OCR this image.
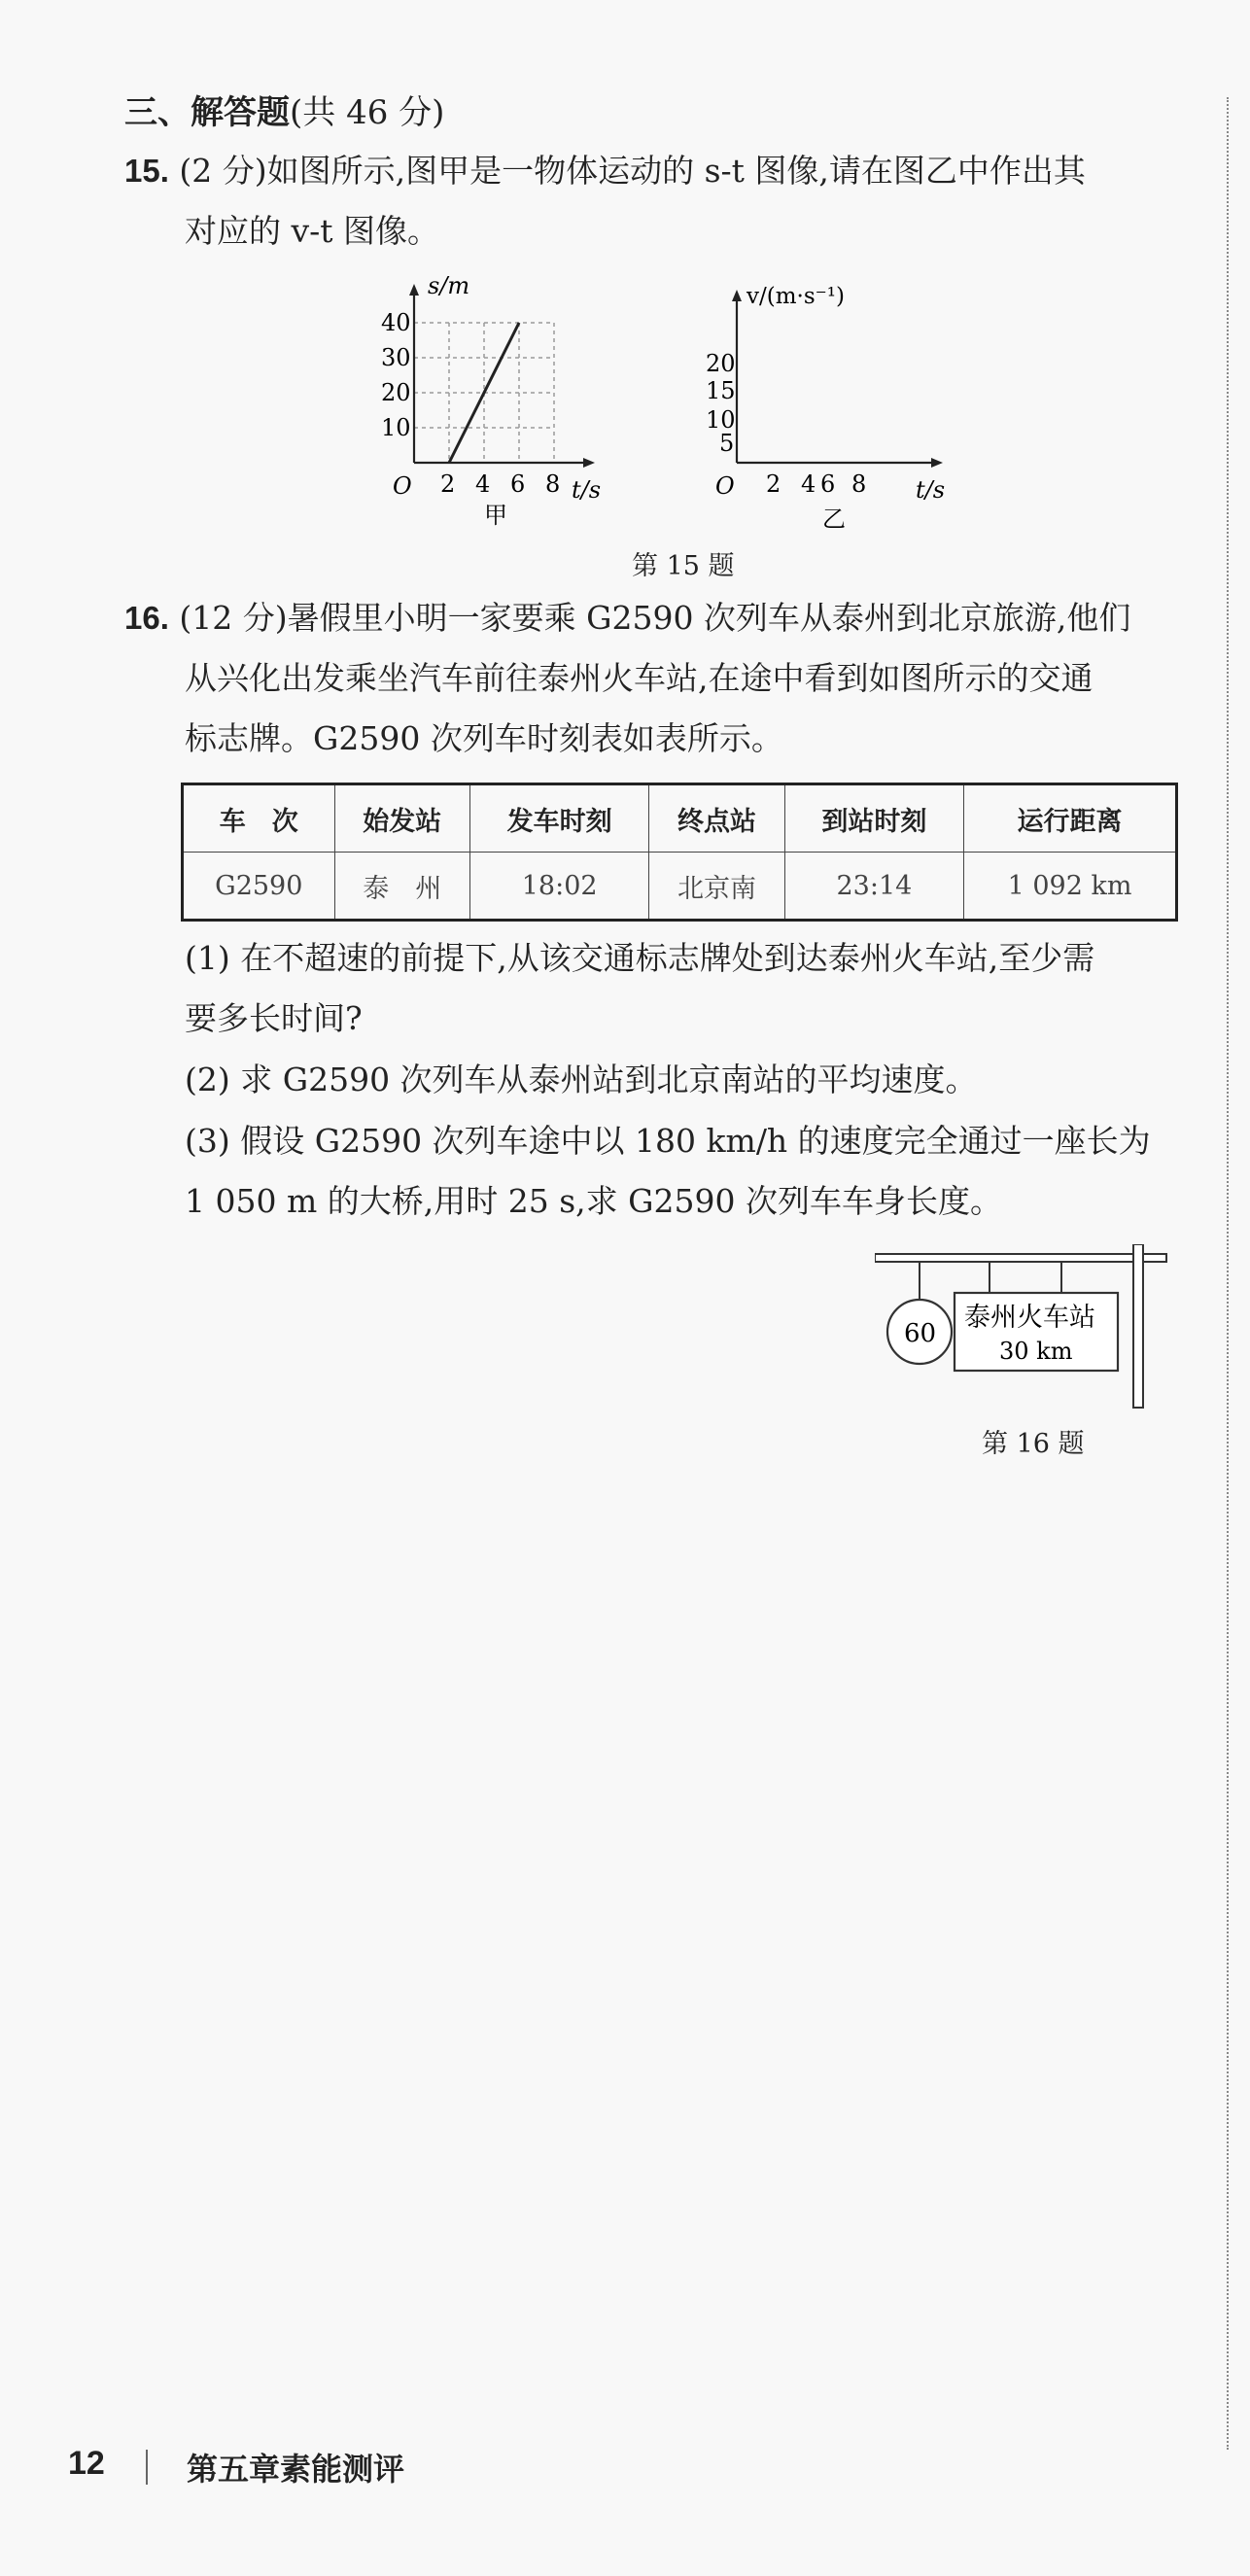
三、解答题(共 46 分)
15. (2 分)如图所示,图甲是一物体运动的 s-t 图像,请在图乙中作出其
对应的 v-t 图像。
s/m
t/s
O 2 4 6 8
10
20
30
40
甲
v/(m·s⁻¹)
t/s
O 2 4 6 8
5
10
15
20
乙
第 15 题
16. (12 分)暑假里小明一家要乘 G2590 次列车从泰州到北京旅游,他们
从兴化出发乘坐汽车前往泰州火车站,在途中看到如图所示的交通
标志牌。G2590 次列车时刻表如表所示。
车　次	始发站	发车时刻	终点站	到站时刻	运行距离
G2590	泰　州	18:02	北京南	23:14	1 092 km
(1) 在不超速的前提下,从该交通标志牌处到达泰州火车站,至少需
要多长时间?
(2) 求 G2590 次列车从泰州站到北京南站的平均速度。
(3) 假设 G2590 次列车途中以 180 km/h 的速度完全通过一座长为
1 050 m 的大桥,用时 25 s,求 G2590 次列车车身长度。
60
泰州火车站
30 km
第 16 题
12	第五章素能测评
